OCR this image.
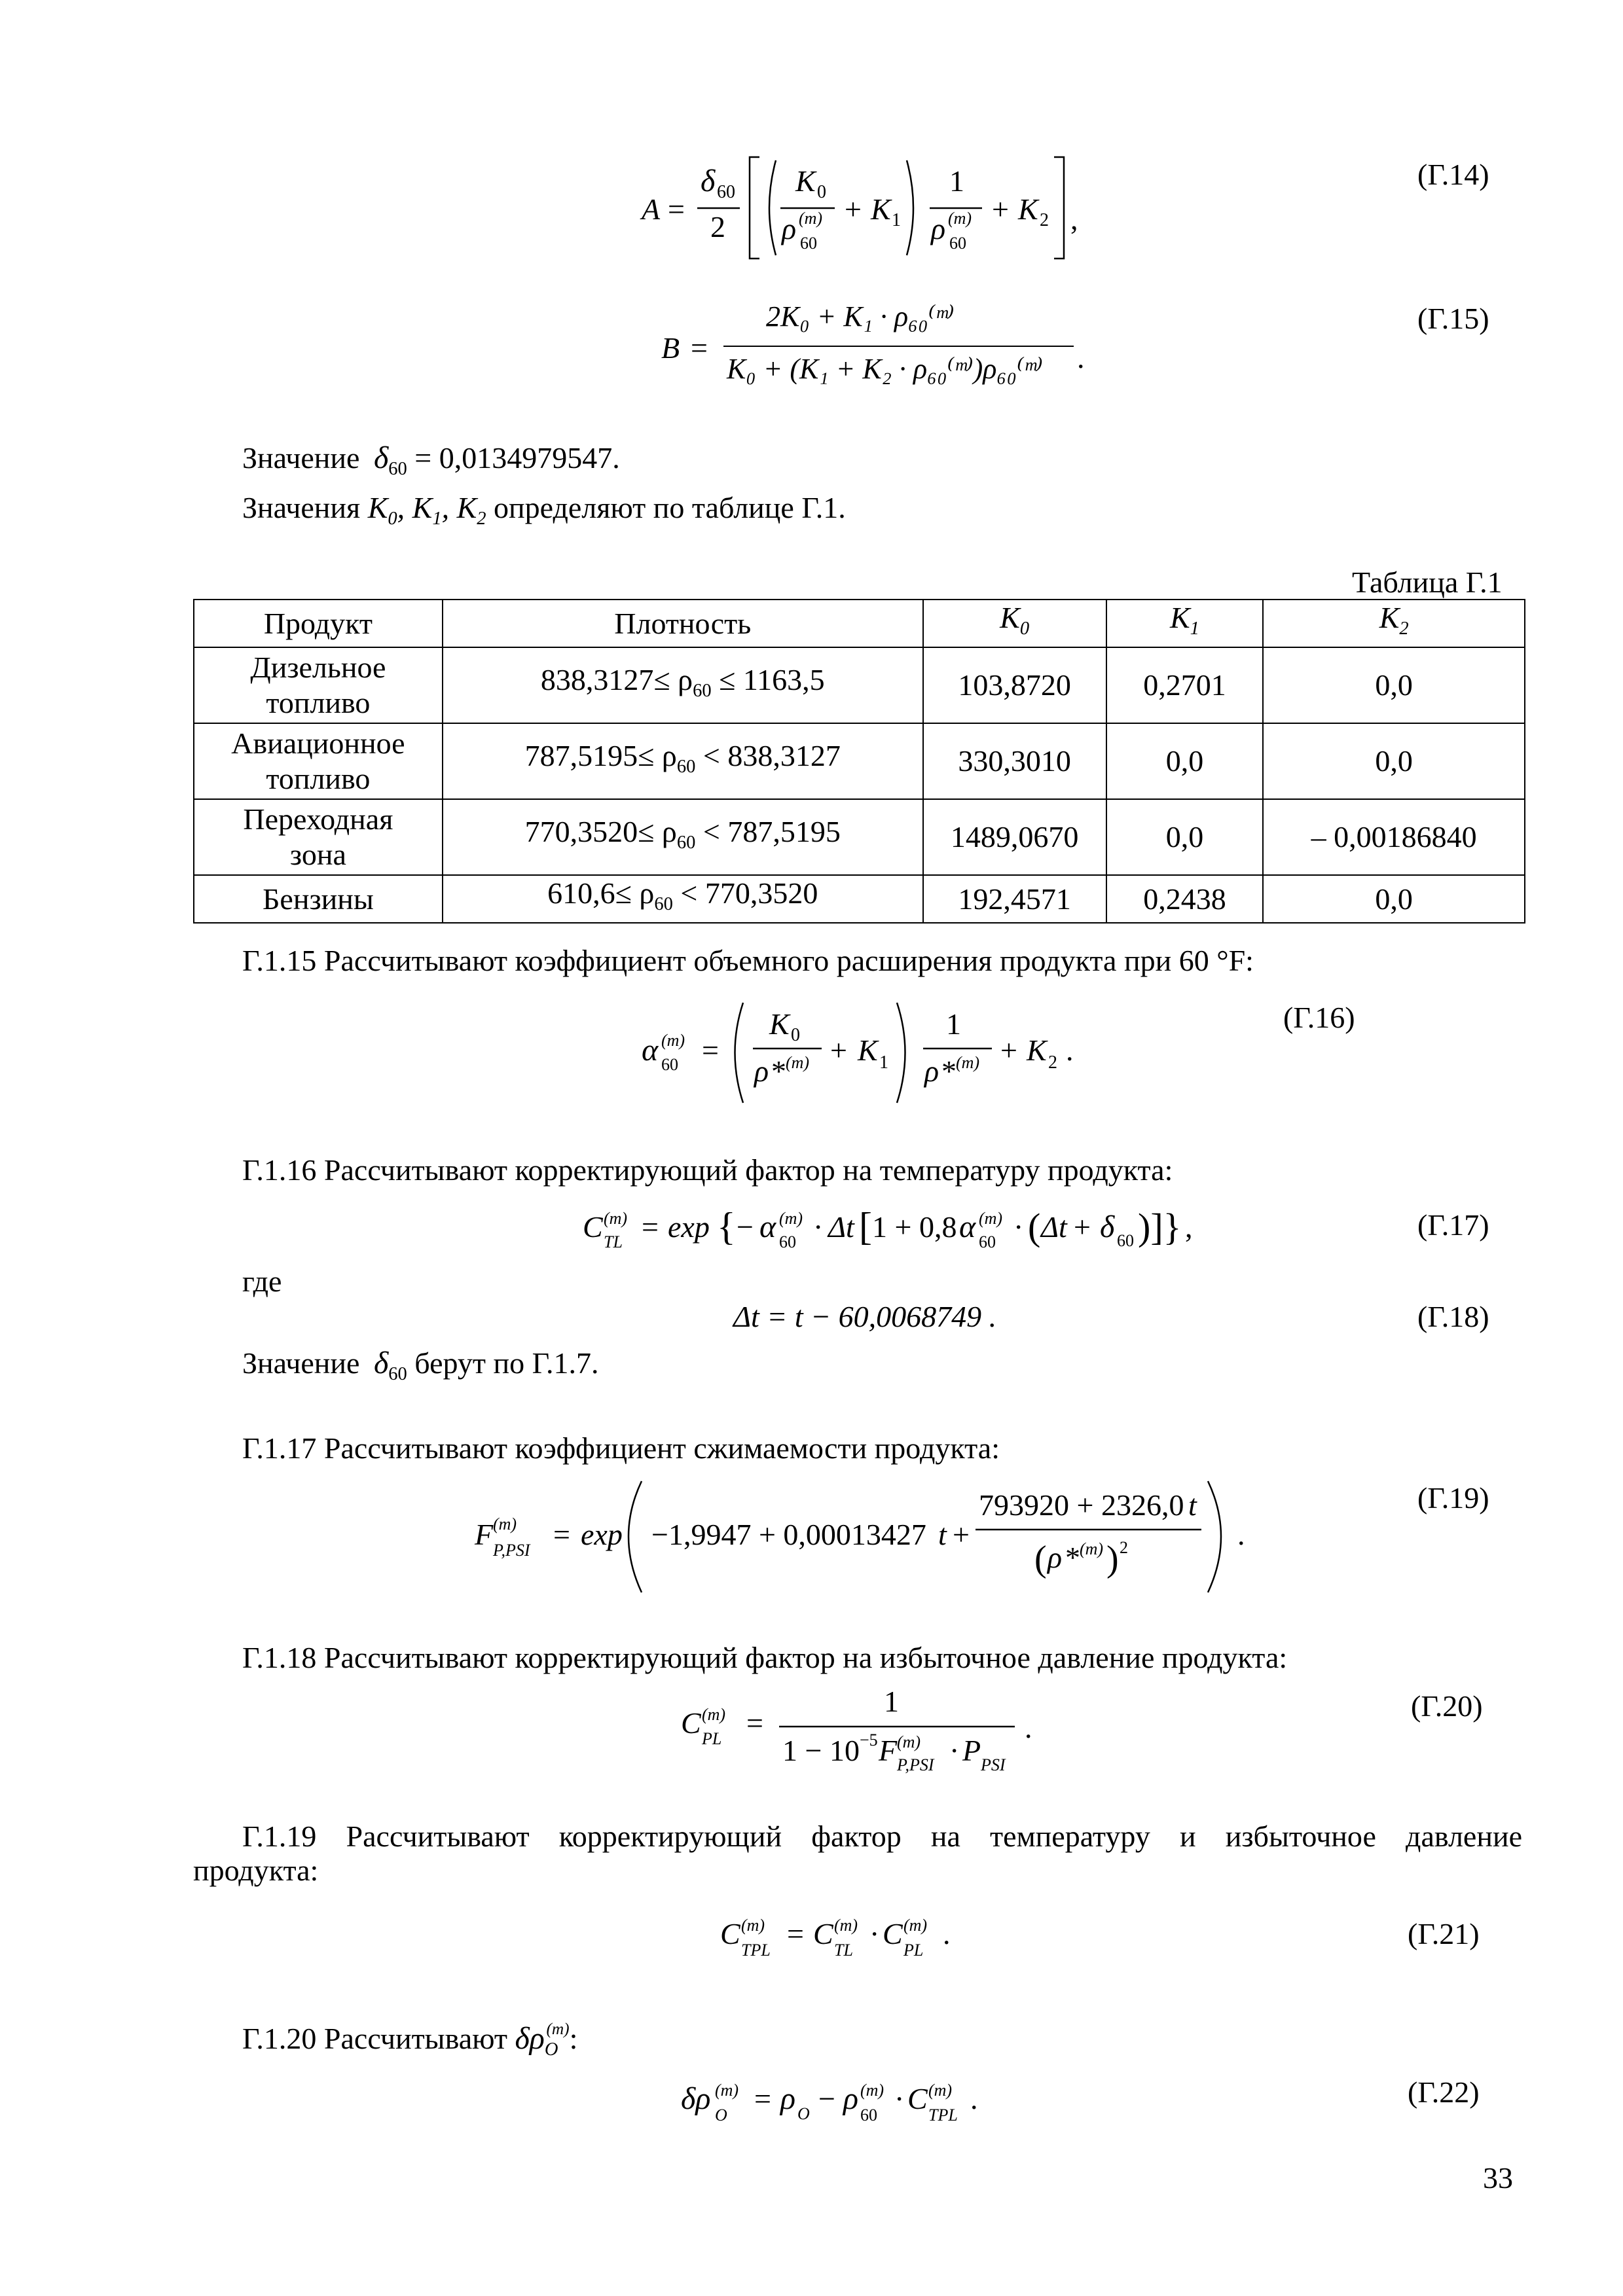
A =
δ 60
2
K 0
ρ (m)
60
+ K 1
1
ρ (m)
60
+ K 2 ,
(Г.14)
B =
2K₀ + K₁ · ρ₆₀⁽ᵐ⁾
K₀ + (K₁ + K₂ · ρ₆₀⁽ᵐ⁾)ρ₆₀⁽ᵐ⁾ .
(Г.15)
Значение $\delta_{60} = 0,0134979547$.
Значения $K_0$, $K_1$, $K_2$ определяют по таблице Г.1.
Таблица Г.1
Продукт	Плотность	$K_0$	$K_1$	$K_2$
Дизельное
топливо	$838,3127\le \rho_{60} \le 1163,5$	103,8720	0,2701	0,0
Авиационное
топливо	$787,5195\le \rho_{60} < 838,3127$	330,3010	0,0	0,0
Переходная
зона	$770,3520\le \rho_{60} < 787,5195$	1489,0670	0,0	– 0,00186840
Бензины	$610,6\le \rho_{60} < 770,3520$	192,4571	0,2438	0,0
Г.1.15 Рассчитывают коэффициент объемного расширения продукта при 60 °F:
α (m)
60 =
K 0
ρ * (m) + K 1
1
ρ * (m) + K 2 .
(Г.16)
Г.1.16 Рассчитывают корректирующий фактор на температуру продукта:
C (m)
TL = exp { − α (m)
60 · Δt [ 1 + 0,8 α (m)
60 · ( Δt + δ 60 )]} ,	(Г.17)
где
Δt = t − 60,0068749 .	(Г.18)
Значение $\delta_{60}$ берут по Г.1.7.
Г.1.17 Рассчитывают коэффициент сжимаемости продукта:
F (m)
P,PSI = exp −1,9947 + 0,00013427 t +
793920 + 2326,0 t
( ρ * (m) ) 2	.
(Г.19)
Г.1.18 Рассчитывают корректирующий фактор на избыточное давление продукта:
C (m)
PL =
1
1 − 10 −5 F (m)
P,PSI · P PSI
.
(Г.20)
Г.1.19 Рассчитывают корректирующий фактор на температуру и избыточное давление
продукта:
C (m)
TPL = C (m)
TL · C (m)
PL .	(Г.21)
Г.1.20 Рассчитывают $\delta\rho_O^{(m)}$:
δρ (m)
O = ρ O − ρ (m)
60 · C (m)
TPL .	(Г.22)
33
